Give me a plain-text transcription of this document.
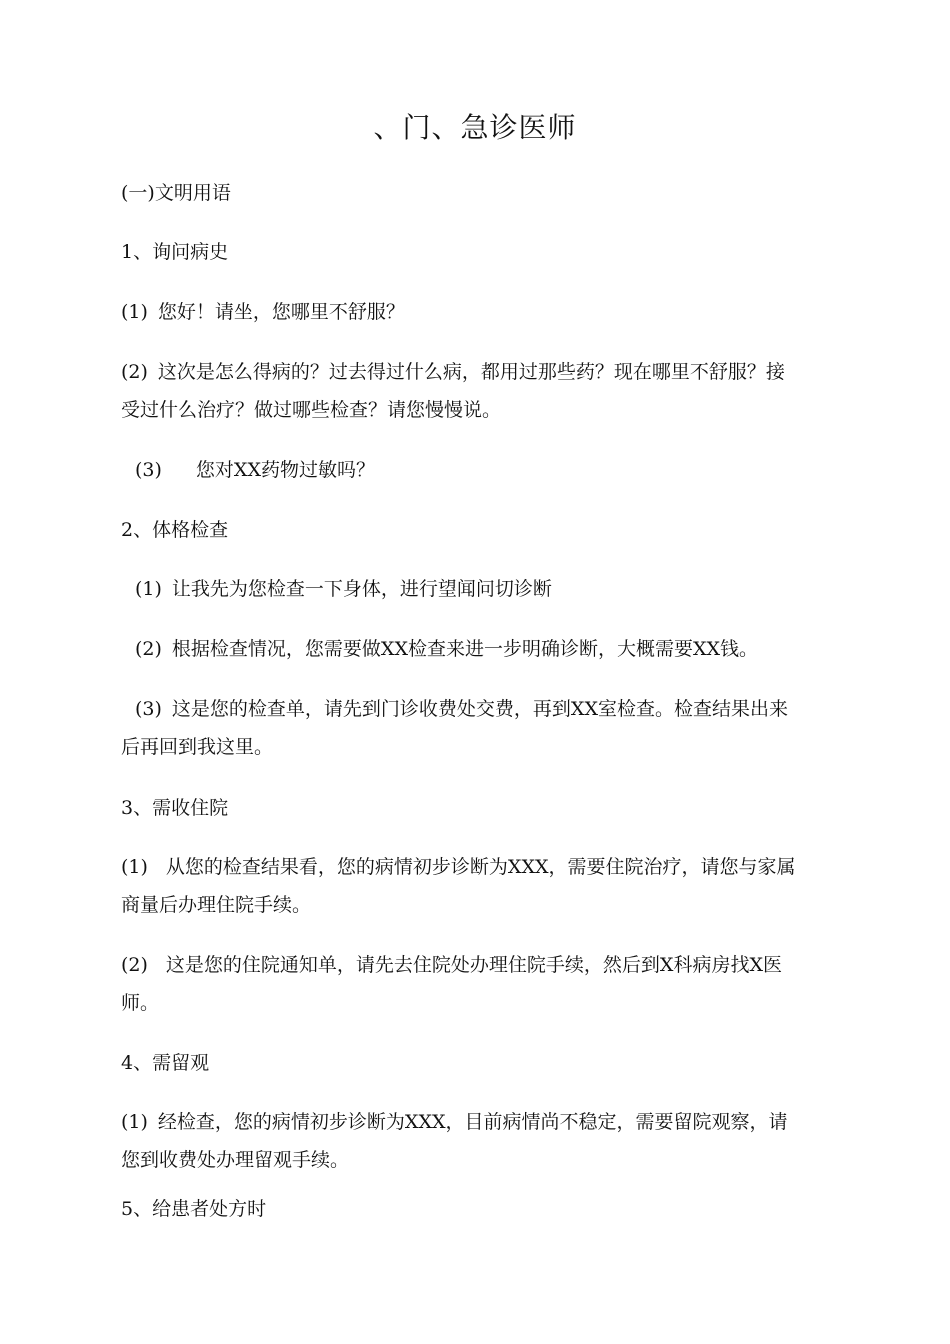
、门、急诊医师
(一)文明用语
1、询问病史
(1) 您好！请坐，您哪里不舒服？
(2) 这次是怎么得病的？过去得过什么病，都用过那些药？现在哪里不舒服？接
受过什么治疗？做过哪些检查？请您慢慢说。
(3) 您对XX药物过敏吗？
2、体格检查
(1) 让我先为您检查一下身体，进行望闻问切诊断
(2) 根据检查情况，您需要做XX检查来进一步明确诊断，大概需要XX钱。
(3) 这是您的检查单，请先到门诊收费处交费，再到XX室检查。检查结果出来
后再回到我这里。
3、需收住院
(1) 从您的检查结果看，您的病情初步诊断为XXX，需要住院治疗，请您与家属
商量后办理住院手续。
(2) 这是您的住院通知单，请先去住院处办理住院手续，然后到X科病房找X医
师。
4、需留观
(1) 经检查，您的病情初步诊断为XXX，目前病情尚不稳定，需要留院观察，请
您到收费处办理留观手续。
5、给患者处方时
